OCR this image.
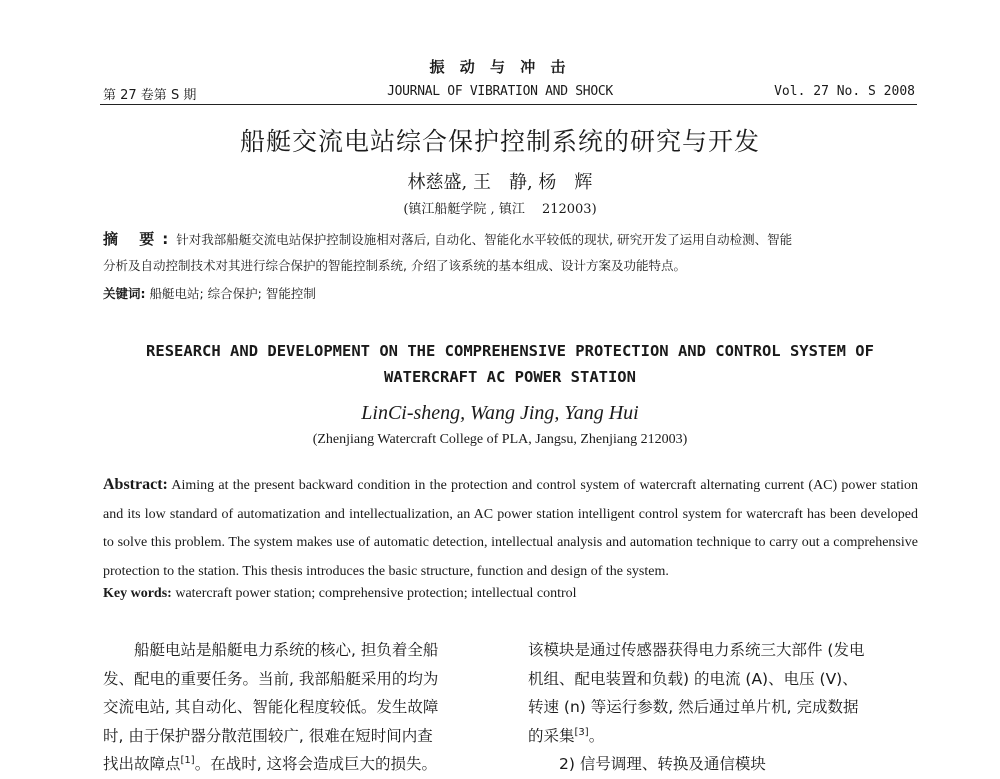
振 动 与 冲 击
第 27 卷第 S 期	JOURNAL OF VIBRATION AND SHOCK	Vol. 27 No. S 2008
船艇交流电站综合保护控制系统的研究与开发
林慈盛, 王　静, 杨　辉
(镇江船艇学院 , 镇江　 212003)
摘 要:针对我部船艇交流电站保护控制设施相对落后, 自动化、智能化水平较低的现状, 研究开发了运用自动检测、智能
分析及自动控制技术对其进行综合保护的智能控制系统, 介绍了该系统的基本组成、设计方案及功能特点。
关键词: 船艇电站; 综合保护; 智能控制
RESEARCH AND DEVELOPMENT ON THE COMPREHENSIVE PROTECTION AND CONTROL SYSTEM OF
WATERCRAFT AC POWER STATION
LinCi-sheng, Wang Jing, Yang Hui
(Zhenjiang Watercraft College of PLA, Jangsu, Zhenjiang 212003)
Abstract: Aiming at the present backward condition in the protection and control system of watercraft alternating current (AC) power station and its low standard of automatization and intellectualization, an AC power station intelligent control system for watercraft has been developed to solve this problem. The system makes use of automatic detection, intellectual analysis and automation technique to carry out a comprehensive protection to the station. This thesis introduces the basic structure, function and design of the system.
Key words: watercraft power station; comprehensive protection; intellectual control
　　船艇电站是船艇电力系统的核心, 担负着全船
发、配电的重要任务。当前, 我部船艇采用的均为
交流电站, 其自动化、智能化程度较低。发生故障
时, 由于保护器分散范围较广, 很难在短时间内查
找出故障点[1]。在战时, 这将会造成巨大的损失。
该模块是通过传感器获得电力系统三大部件 (发电
机组、配电装置和负载) 的电流 (A)、电压 (V)、
转速 (n) 等运行参数, 然后通过单片机, 完成数据
的采集[3]。
　　2) 信号调理、转换及通信模块
